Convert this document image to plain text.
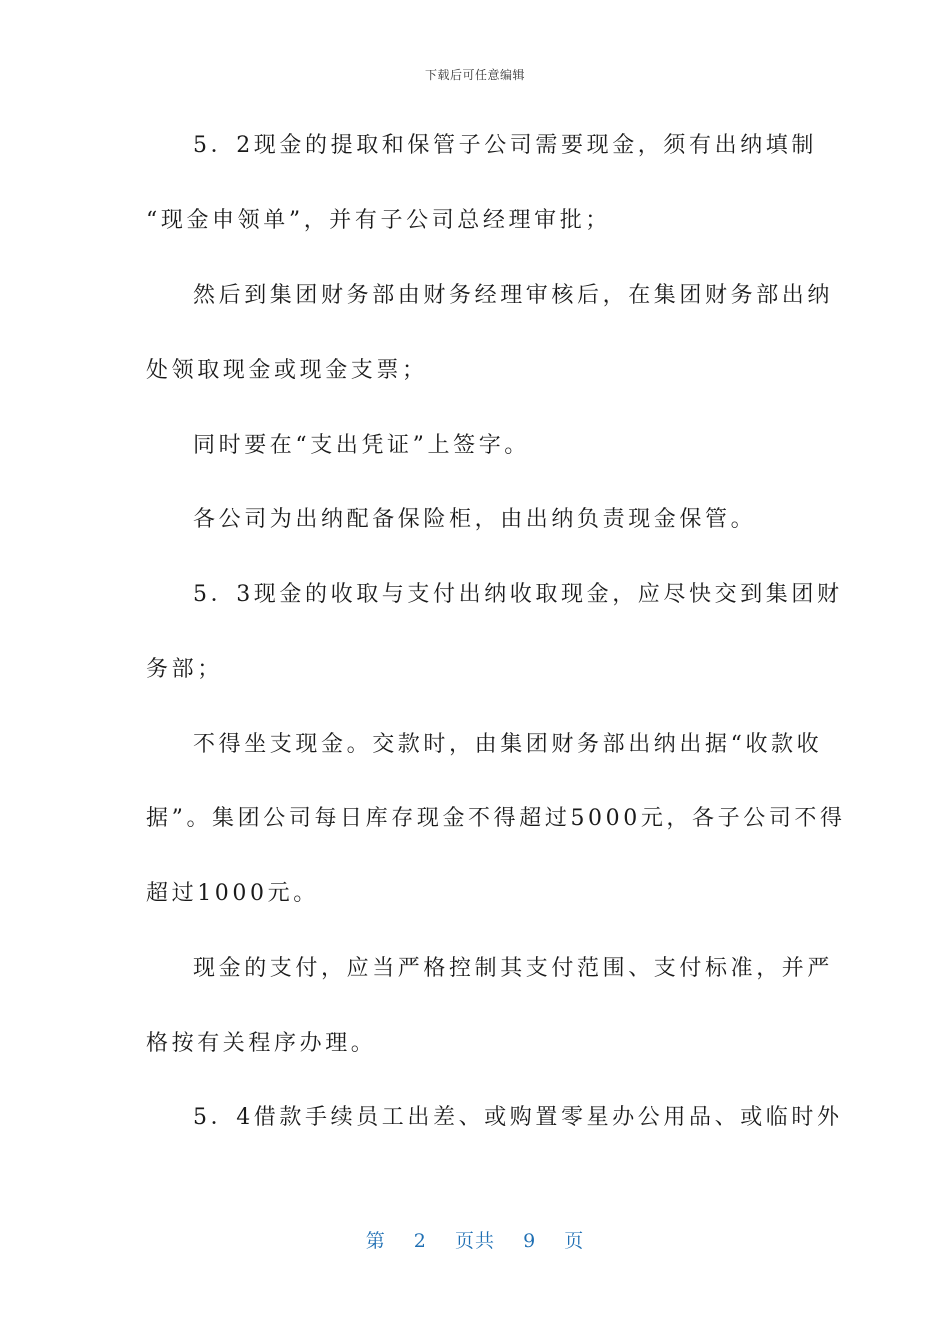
下载后可任意编辑
5．2现金的提取和保管子公司需要现金，须有出纳填制
“现金申领单”，并有子公司总经理审批；
然后到集团财务部由财务经理审核后，在集团财务部出纳
处领取现金或现金支票；
同时要在“支出凭证”上签字。
各公司为出纳配备保险柜，由出纳负责现金保管。
5．3现金的收取与支付出纳收取现金，应尽快交到集团财
务部；
不得坐支现金。交款时，由集团财务部出纳出据“收款收
据”。集团公司每日库存现金不得超过5000元，各子公司不得
超过1000元。
现金的支付，应当严格控制其支付范围、支付标准，并严
格按有关程序办理。
5．4借款手续员工出差、或购置零星办公用品、或临时外
第 2 页共 9 页
